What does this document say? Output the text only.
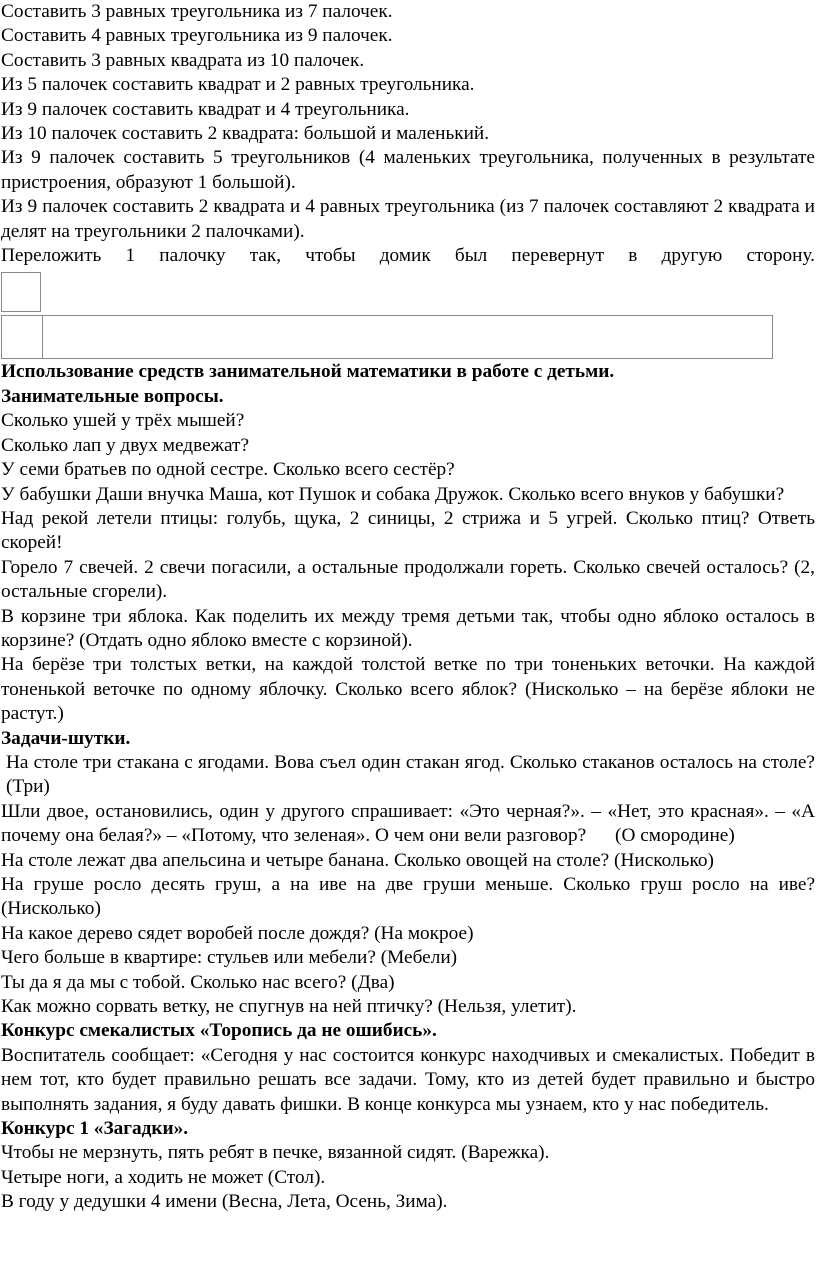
Составить 3 равных треугольника из 7 палочек.

Составить 4 равных треугольника из 9 палочек.

Составить 3 равных квадрата из 10 палочек.

Из 5 палочек составить квадрат и 2 равных треугольника.

Из 9 палочек составить квадрат и 4 треугольника.

Из 10 палочек составить 2 квадрата: большой и маленький.

Из 9 палочек составить 5 треугольников (4 маленьких треугольника, полученных в результате пристроения, образуют 1 большой).

Из 9 палочек составить 2 квадрата и 4 равных треугольника (из 7 палочек составляют 2 квадрата и делят на треугольники 2 палочками).

Переложить 1 палочку так, чтобы домик был перевернут в другую сторону.

Использование средств занимательной математики в работе с детьми.

Занимательные вопросы.

Сколько ушей у трёх мышей?

Сколько лап у двух медвежат?

У семи братьев по одной сестре. Сколько всего сестёр?

У бабушки Даши внучка Маша, кот Пушок и собака Дружок. Сколько всего внуков у бабушки?

Над рекой летели птицы: голубь, щука, 2 синицы, 2 стрижа и 5 угрей. Сколько птиц? Ответь скорей!

Горело 7 свечей. 2 свечи погасили, а остальные продолжали гореть. Сколько свечей осталось? (2, остальные сгорели).

В корзине три яблока. Как поделить их между тремя детьми так, чтобы одно яблоко осталось в корзине? (Отдать одно яблоко вместе с корзиной).

На берёзе три толстых ветки, на каждой толстой ветке по три тоненьких веточки. На каждой тоненькой веточке по одному яблочку. Сколько всего яблок? (Нисколько – на берёзе яблоки не растут.)

Задачи-шутки.

На столе три стакана с ягодами. Вова съел один стакан ягод. Сколько стаканов осталось на столе? (Три)

Шли двое, остановились, один у другого спрашивает: «Это черная?». – «Нет, это красная». – «А почему она белая?» – «Потому, что зеленая». О чем они вели разговор?      (О смородине)

На столе лежат два апельсина и четыре банана. Сколько овощей на столе? (Нисколько)

На груше росло десять груш, а на иве на две груши меньше. Сколько груш росло на иве? (Нисколько)

На какое дерево сядет воробей после дождя? (На мокрое)

Чего больше в квартире: стульев или мебели? (Мебели)

Ты да я да мы с тобой. Сколько нас всего? (Два)

Как можно сорвать ветку, не спугнув на ней птичку? (Нельзя, улетит).

Конкурс смекалистых «Торопись да не ошибись».

Воспитатель сообщает: «Сегодня у нас состоится конкурс находчивых и смекалистых. Победит в нем тот, кто будет правильно решать все задачи. Тому, кто из детей будет правильно и быстро выполнять задания, я буду давать фишки. В конце конкурса мы узнаем, кто у нас победитель.

Конкурс 1 «Загадки».

Чтобы не мерзнуть, пять ребят в печке, вязанной сидят. (Варежка).

Четыре ноги, а ходить не может (Стол).

В году у дедушки 4 имени (Весна, Лета, Осень, Зима).
